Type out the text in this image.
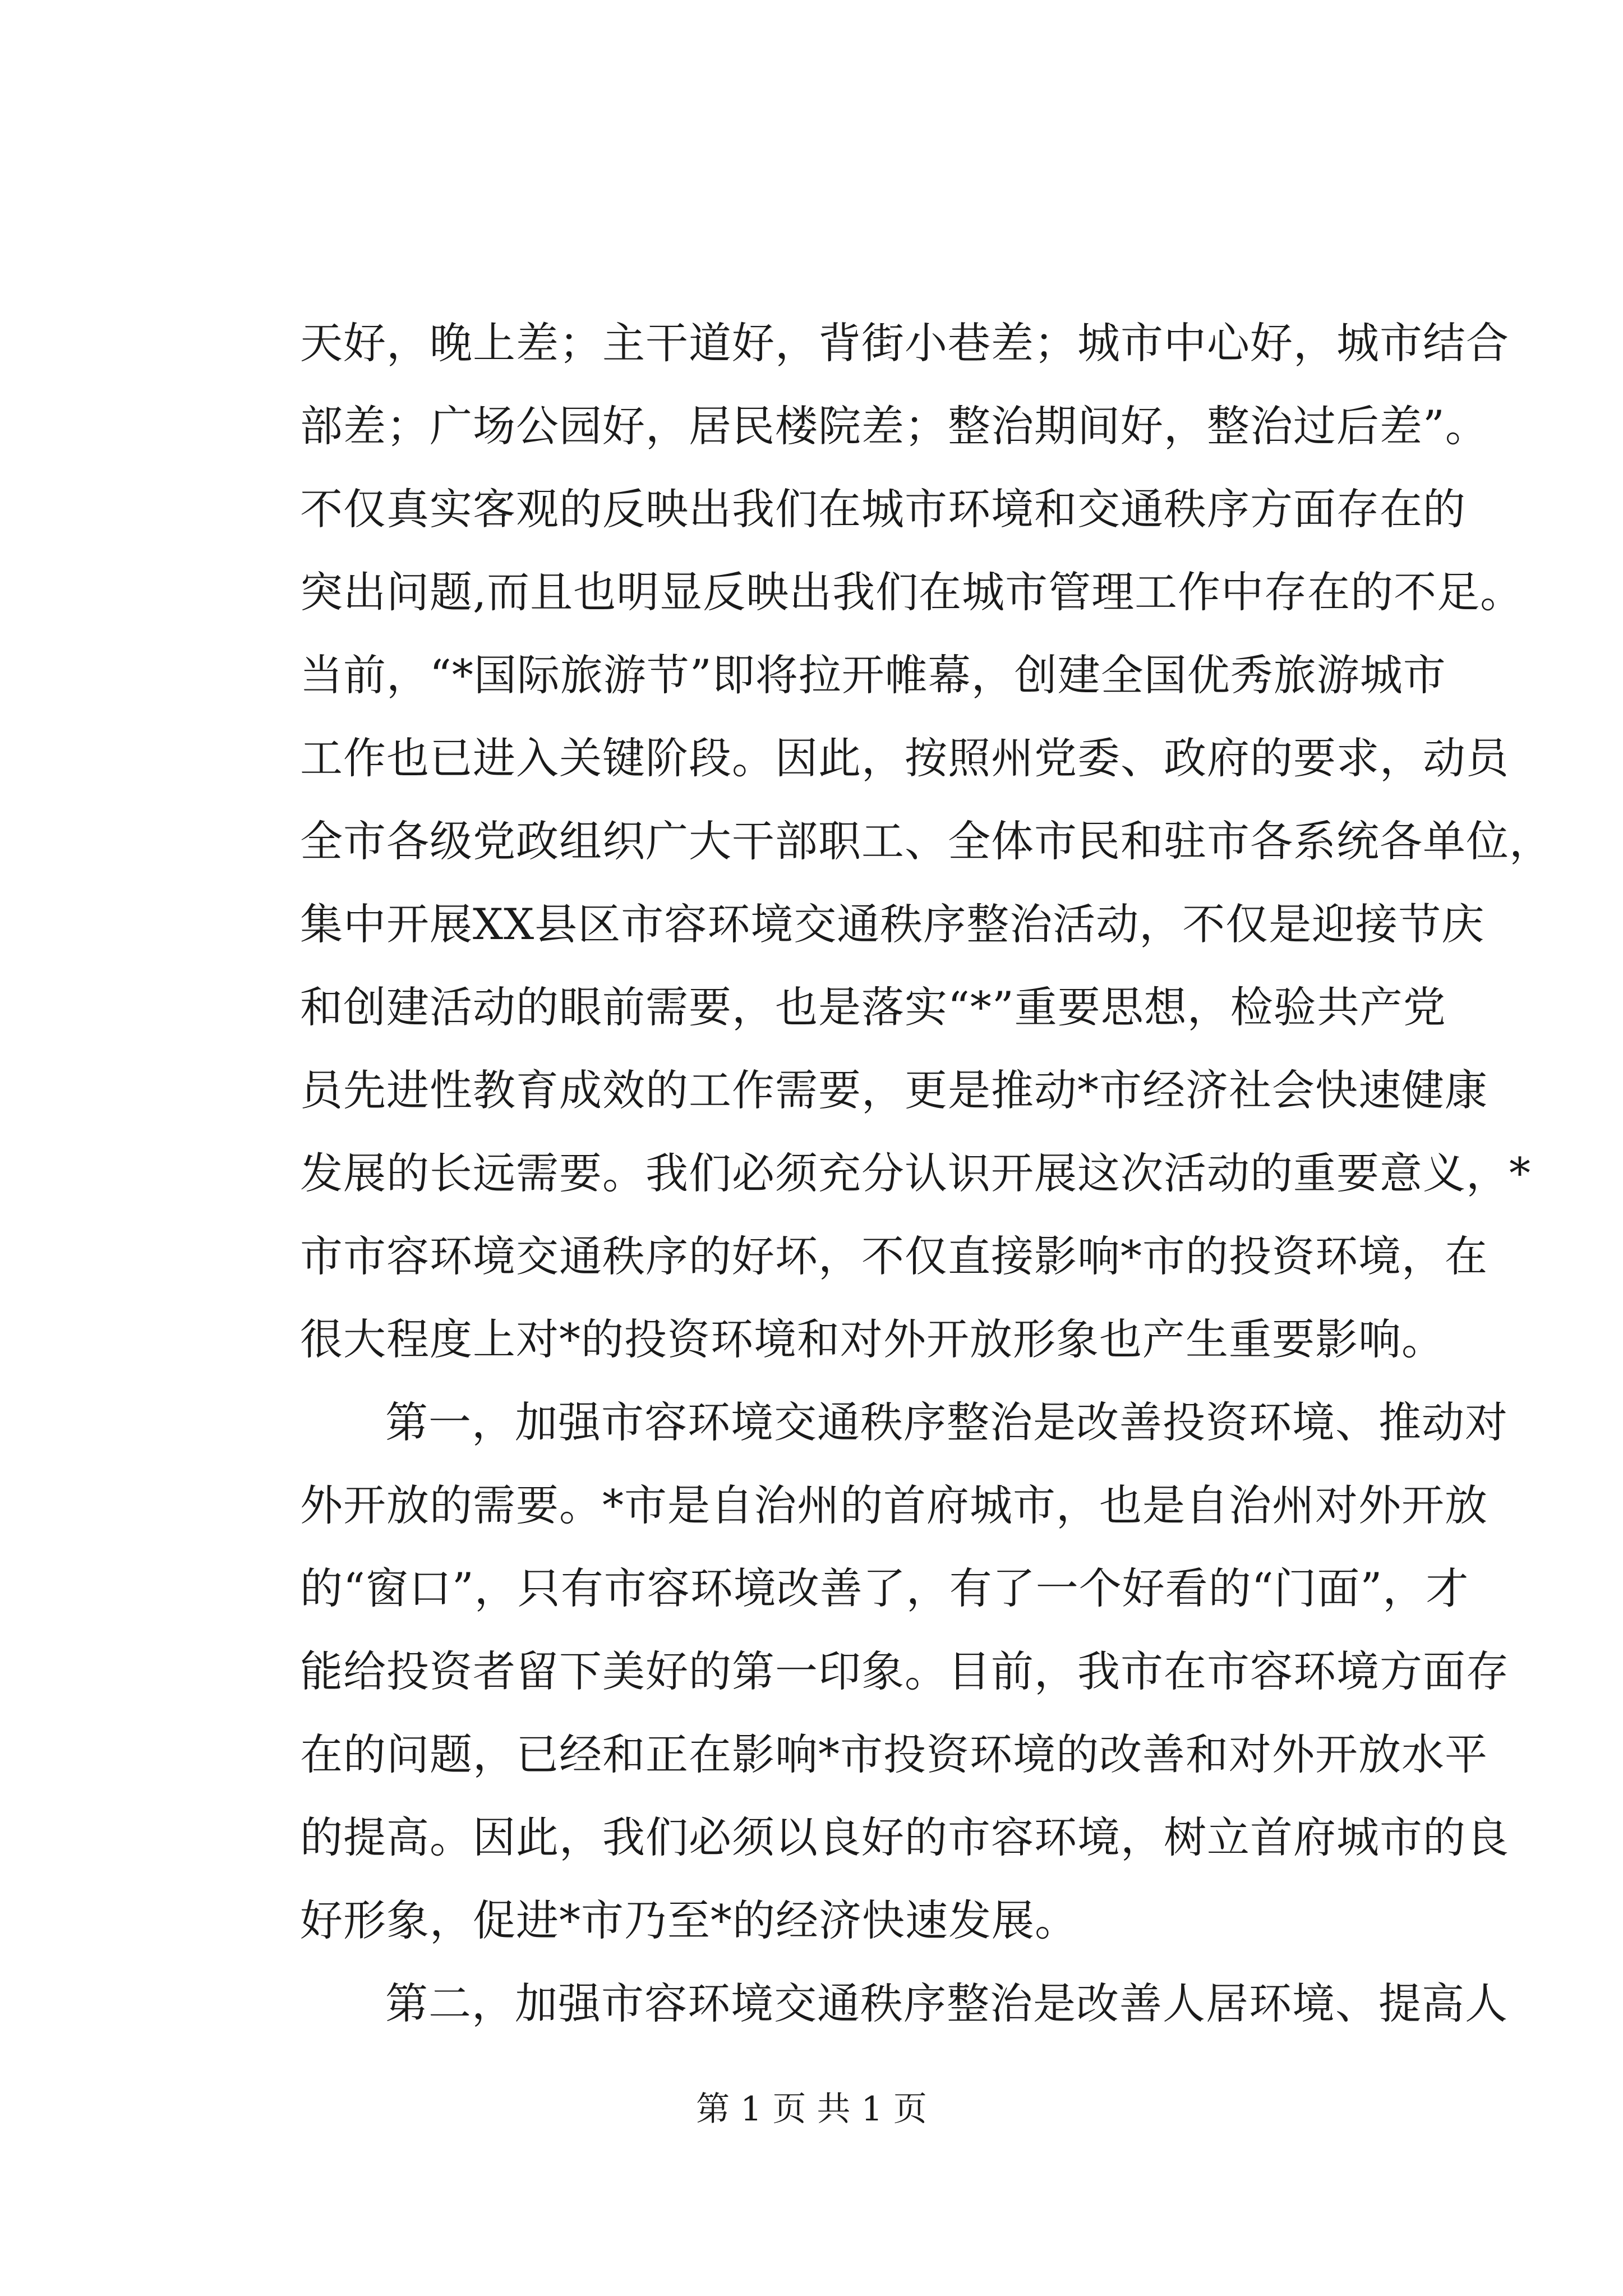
天好，晚上差；主干道好，背街小巷差；城市中心好，城市结合
部差；广场公园好，居民楼院差；整治期间好，整治过后差”。
不仅真实客观的反映出我们在城市环境和交通秩序方面存在的
突出问题,而且也明显反映出我们在城市管理工作中存在的不足。
当前，“*国际旅游节”即将拉开帷幕，创建全国优秀旅游城市
工作也已进入关键阶段。因此，按照州党委、政府的要求，动员
全市各级党政组织广大干部职工、全体市民和驻市各系统各单位，
集中开展XX县区市容环境交通秩序整治活动，不仅是迎接节庆
和创建活动的眼前需要，也是落实“*”重要思想，检验共产党
员先进性教育成效的工作需要，更是推动*市经济社会快速健康
发展的长远需要。我们必须充分认识开展这次活动的重要意义，*
市市容环境交通秩序的好坏，不仅直接影响*市的投资环境，在
很大程度上对*的投资环境和对外开放形象也产生重要影响。
第一，加强市容环境交通秩序整治是改善投资环境、推动对
外开放的需要。*市是自治州的首府城市，也是自治州对外开放
的“窗口”，只有市容环境改善了，有了一个好看的“门面”，才
能给投资者留下美好的第一印象。目前，我市在市容环境方面存
在的问题，已经和正在影响*市投资环境的改善和对外开放水平
的提高。因此，我们必须以良好的市容环境，树立首府城市的良
好形象，促进*市乃至*的经济快速发展。
第二，加强市容环境交通秩序整治是改善人居环境、提高人
第 1 页 共 1 页
